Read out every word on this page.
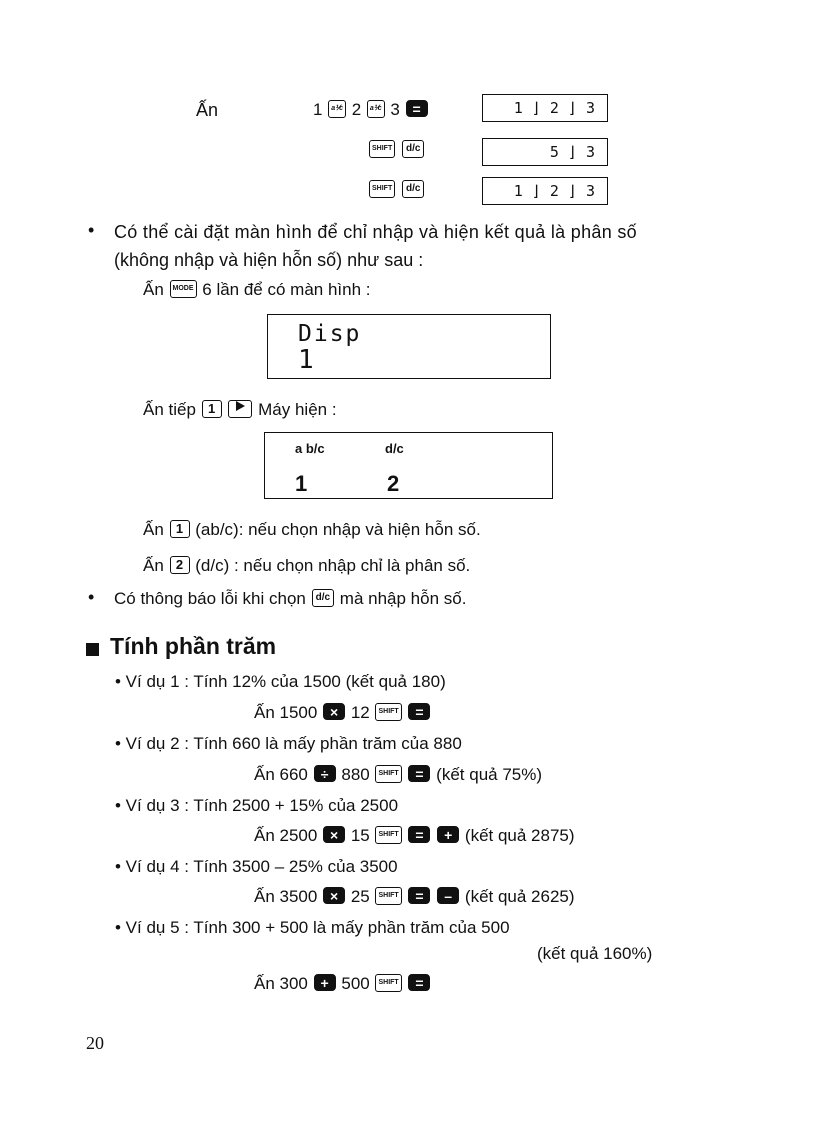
Ấn	1 a⅟c 2 a⅟c 3 =	1 ⌋ 2 ⌋ 3
SHIFT d/c	5 ⌋ 3
SHIFT d/c	1 ⌋ 2 ⌋ 3
• Có thể cài đặt màn hình để chỉ nhập và hiện kết quả là phân số
(không nhập và hiện hỗn số) như sau :
Ấn MODE 6 lần để có màn hình :
Disp
1
Ấn tiếp 1	Máy hiện :
a b/c	d/c
1	2
Ấn 1 (ab/c): nếu chọn nhập và hiện hỗn số.
Ấn 2 (d/c) : nếu chọn nhập chỉ là phân số.
• Có thông báo lỗi khi chọn d/c mà nhập hỗn số.
Tính phần trăm
• Ví dụ 1 : Tính 12% của 1500 (kết quả 180)
Ấn 1500 × 12 SHIFT =
• Ví dụ 2 : Tính 660 là mấy phần trăm của 880
Ấn 660 ÷ 880 SHIFT = (kết quả 75%)
• Ví dụ 3 : Tính 2500 + 15% của 2500
Ấn 2500 × 15 SHIFT = + (kết quả 2875)
• Ví dụ 4 : Tính 3500 – 25% của 3500
Ấn 3500 × 25 SHIFT = – (kết quả 2625)
• Ví dụ 5 : Tính 300 + 500 là mấy phần trăm của 500
(kết quả 160%)
Ấn 300 + 500 SHIFT =
20
